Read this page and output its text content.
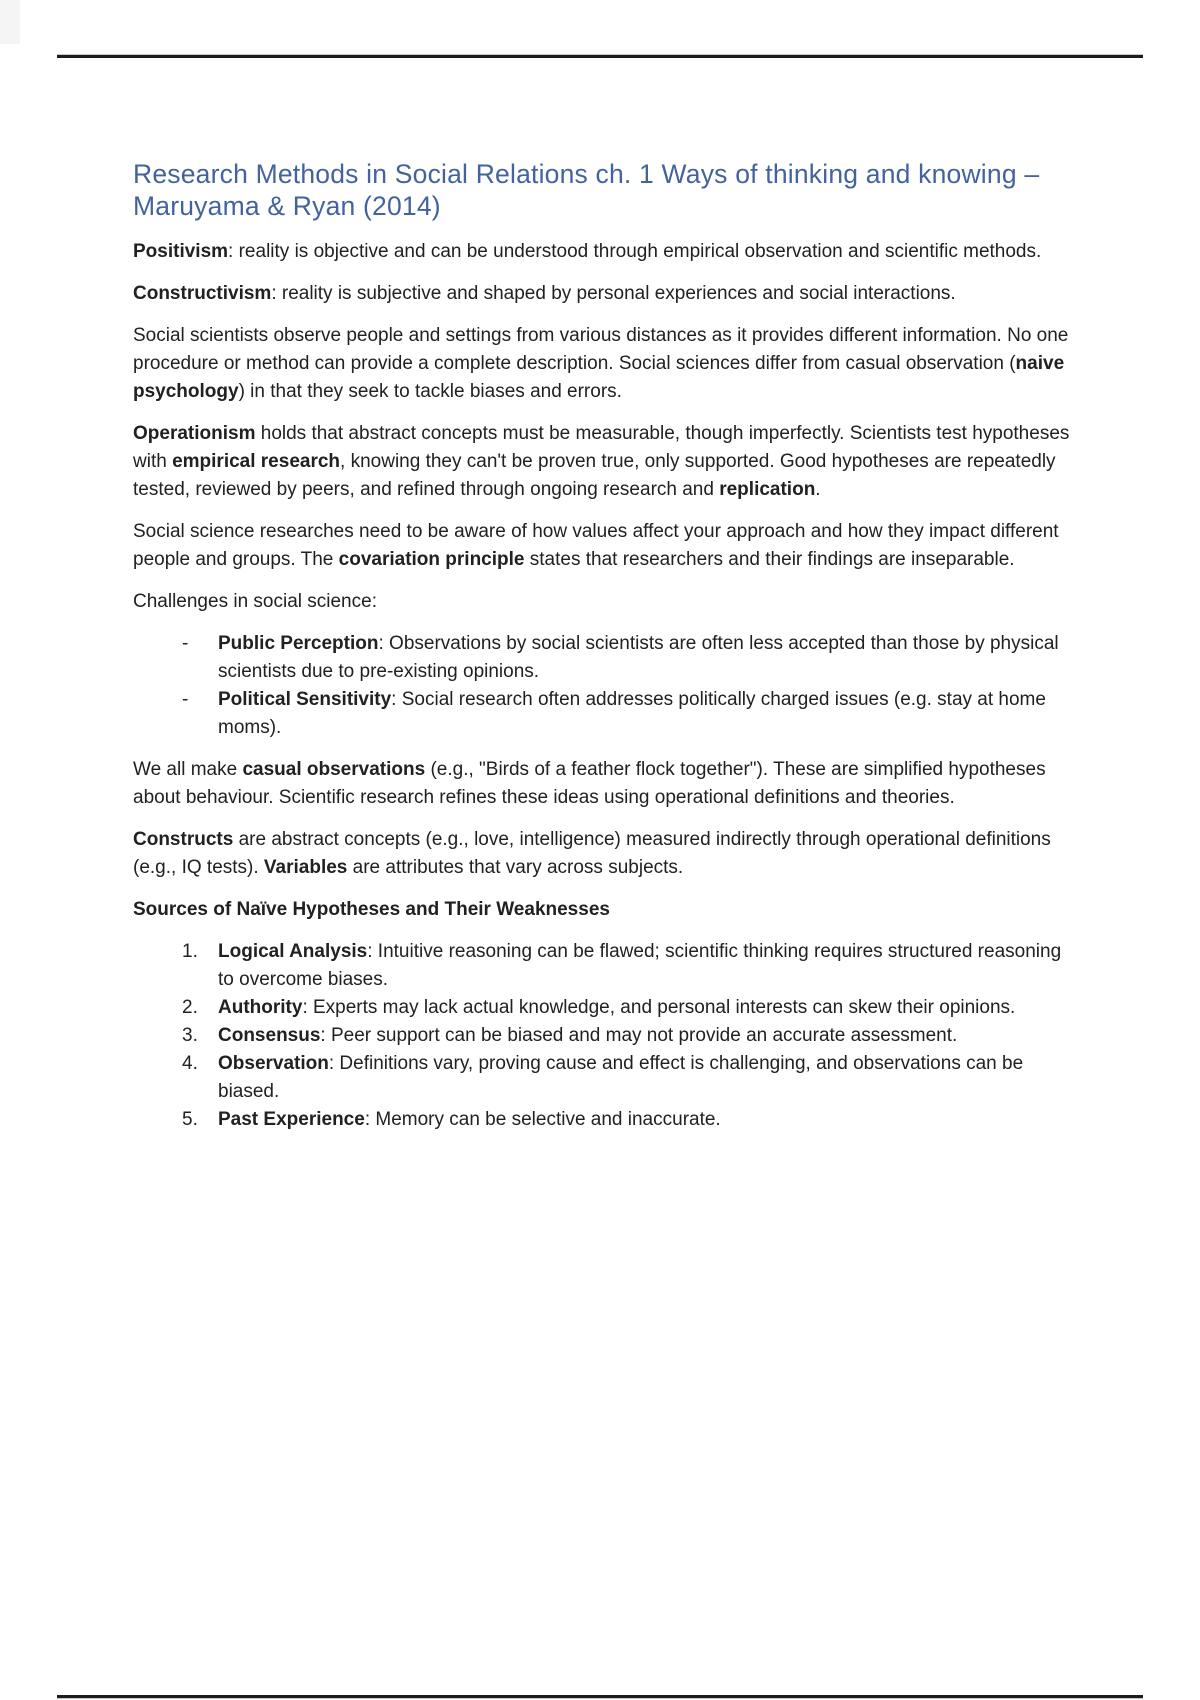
Research Methods in Social Relations ch. 1 Ways of thinking and knowing – Maruyama & Ryan (2014)

Positivism: reality is objective and can be understood through empirical observation and scientific methods.

Constructivism: reality is subjective and shaped by personal experiences and social interactions.

Social scientists observe people and settings from various distances as it provides different information. No one procedure or method can provide a complete description. Social sciences differ from casual observation (naive psychology) in that they seek to tackle biases and errors.

Operationism holds that abstract concepts must be measurable, though imperfectly. Scientists test hypotheses with empirical research, knowing they can't be proven true, only supported. Good hypotheses are repeatedly tested, reviewed by peers, and refined through ongoing research and replication.

Social science researches need to be aware of how values affect your approach and how they impact different people and groups. The covariation principle states that researchers and their findings are inseparable.

Challenges in social science:

-	Public Perception: Observations by social scientists are often less accepted than those by physical scientists due to pre-existing opinions.
-	Political Sensitivity: Social research often addresses politically charged issues (e.g. stay at home moms).

We all make casual observations (e.g., "Birds of a feather flock together"). These are simplified hypotheses about behaviour. Scientific research refines these ideas using operational definitions and theories.

Constructs are abstract concepts (e.g., love, intelligence) measured indirectly through operational definitions (e.g., IQ tests). Variables are attributes that vary across subjects.

Sources of Naïve Hypotheses and Their Weaknesses

1.	Logical Analysis: Intuitive reasoning can be flawed; scientific thinking requires structured reasoning to overcome biases.
2.	Authority: Experts may lack actual knowledge, and personal interests can skew their opinions.
3.	Consensus: Peer support can be biased and may not provide an accurate assessment.
4.	Observation: Definitions vary, proving cause and effect is challenging, and observations can be biased.
5.	Past Experience: Memory can be selective and inaccurate.
